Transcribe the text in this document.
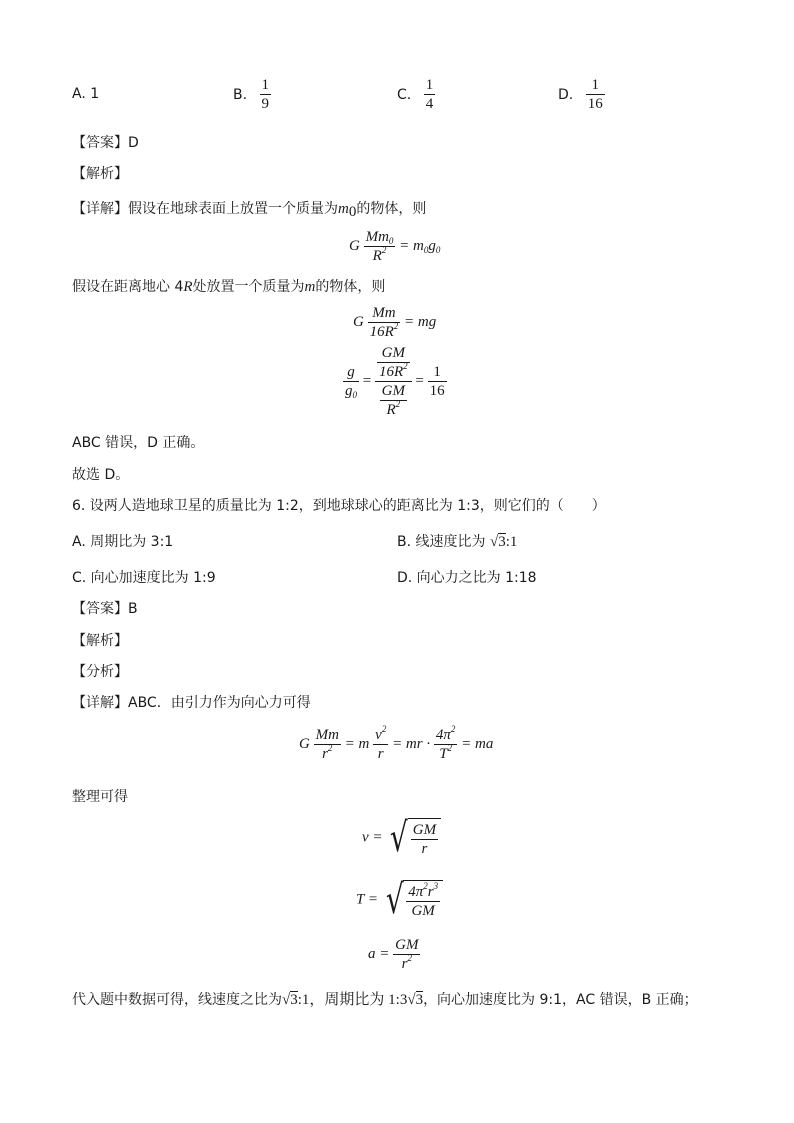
A. 1	B. $\frac{1}{9}$	C. $\frac{1}{4}$	D. $\frac{1}{16}$
【答案】D
【解析】
【详解】假设在地球表面上放置一个质量为$m_0$的物体，则
G $\frac{Mm_0}{R^2} = m_0g_0$
假设在距离地心 4R处放置一个质量为m的物体，则
G $\frac{Mm}{16R^2}$ = mg
$\frac{g}{g_0} = \frac{\frac{GM}{16R^2}}{\frac{GM}{R^2}} = \frac{1}{16}$
ABC 错误，D 正确。
故选 D。
6. 设两人造地球卫星的质量比为 1:2，到地球球心的距离比为 1:3，则它们的（　　）
A. 周期比为 3:1	B. 线速度比为 √3:1
C. 向心加速度比为 1:9	D. 向心力之比为 1:18
【答案】B
【解析】
【分析】
【详解】ABC．由引力作为向心力可得
G $\frac{Mm}{r^2} = m \frac{v^2}{r}$ = mr · $\frac{4\pi^2}{T^2}$ = ma
整理可得
v = √ $\frac{GM}{r}$
T = √ $\frac{4\pi^2r^3}{GM}$
$a = \frac{GM}{r^2}$
代入题中数据可得，线速度之比为√3:1，周期比为 1:3√3，向心加速度比为 9:1，AC 错误，B 正确；
